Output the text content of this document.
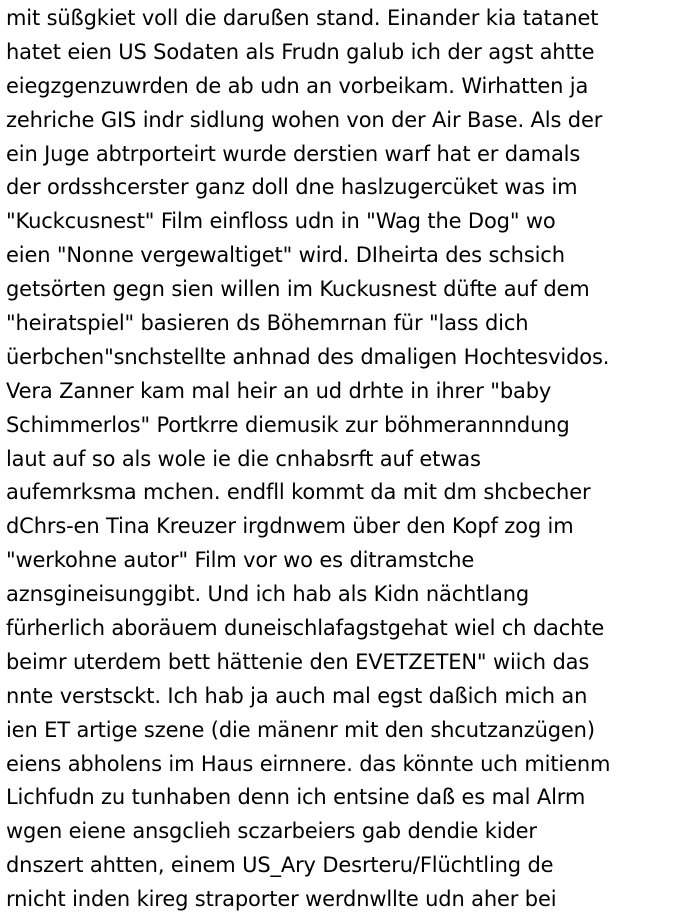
mit süßgkiet voll die darußen stand. Einander kia tatanet
hatet eien US Sodaten als Frudn galub ich der agst ahtte
eiegzgenzuwrden de ab udn an vorbeikam. Wirhatten ja
zehriche GIS indr sidlung wohen von der Air Base. Als der
ein Juge abtrporteirt wurde derstien warf hat er damals
der ordsshcerster ganz doll dne haslzugercüket was im
"Kuckcusnest" Film einfloss udn in "Wag the Dog" wo
eien "Nonne vergewaltiget" wird. DIheirta des schsich
getsörten gegn sien willen im Kuckusnest düfte auf dem
"heiratspiel" basieren ds Böhemrnan für "lass dich
üerbchen"snchstellte anhnad des dmaligen Hochtesvidos.
Vera Zanner kam mal heir an ud drhte in ihrer "baby
Schimmerlos" Portkrre diemusik zur böhmerannndung
laut auf so als wole ie die cnhabsrft auf etwas
aufemrksma mchen. endfll kommt da mit dm shcbecher
dChrs-en Tina Kreuzer irgdnwem über den Kopf zog im
"werkohne autor" Film vor wo es ditramstche
aznsgineisunggibt. Und ich hab als Kidn nächtlang
fürherlich aboräuem duneischlafagstgehat wiel ch dachte
beimr uterdem bett hättenie den EVETZETEN" wiich das
nnte verstsckt. Ich hab ja auch mal egst daßich mich an
ien ET artige szene (die mänenr mit den shcutzanzügen)
eiens abholens im Haus eirnnere. das könnte uch mitienm
Lichfudn zu tunhaben denn ich entsine daß es mal Alrm
wgen eiene ansgclieh sczarbeiers gab dendie kider
dnszert ahtten, einem US_Ary Desrteru/Flüchtling de
rnicht inden kireg straporter werdnwllte udn aher bei
